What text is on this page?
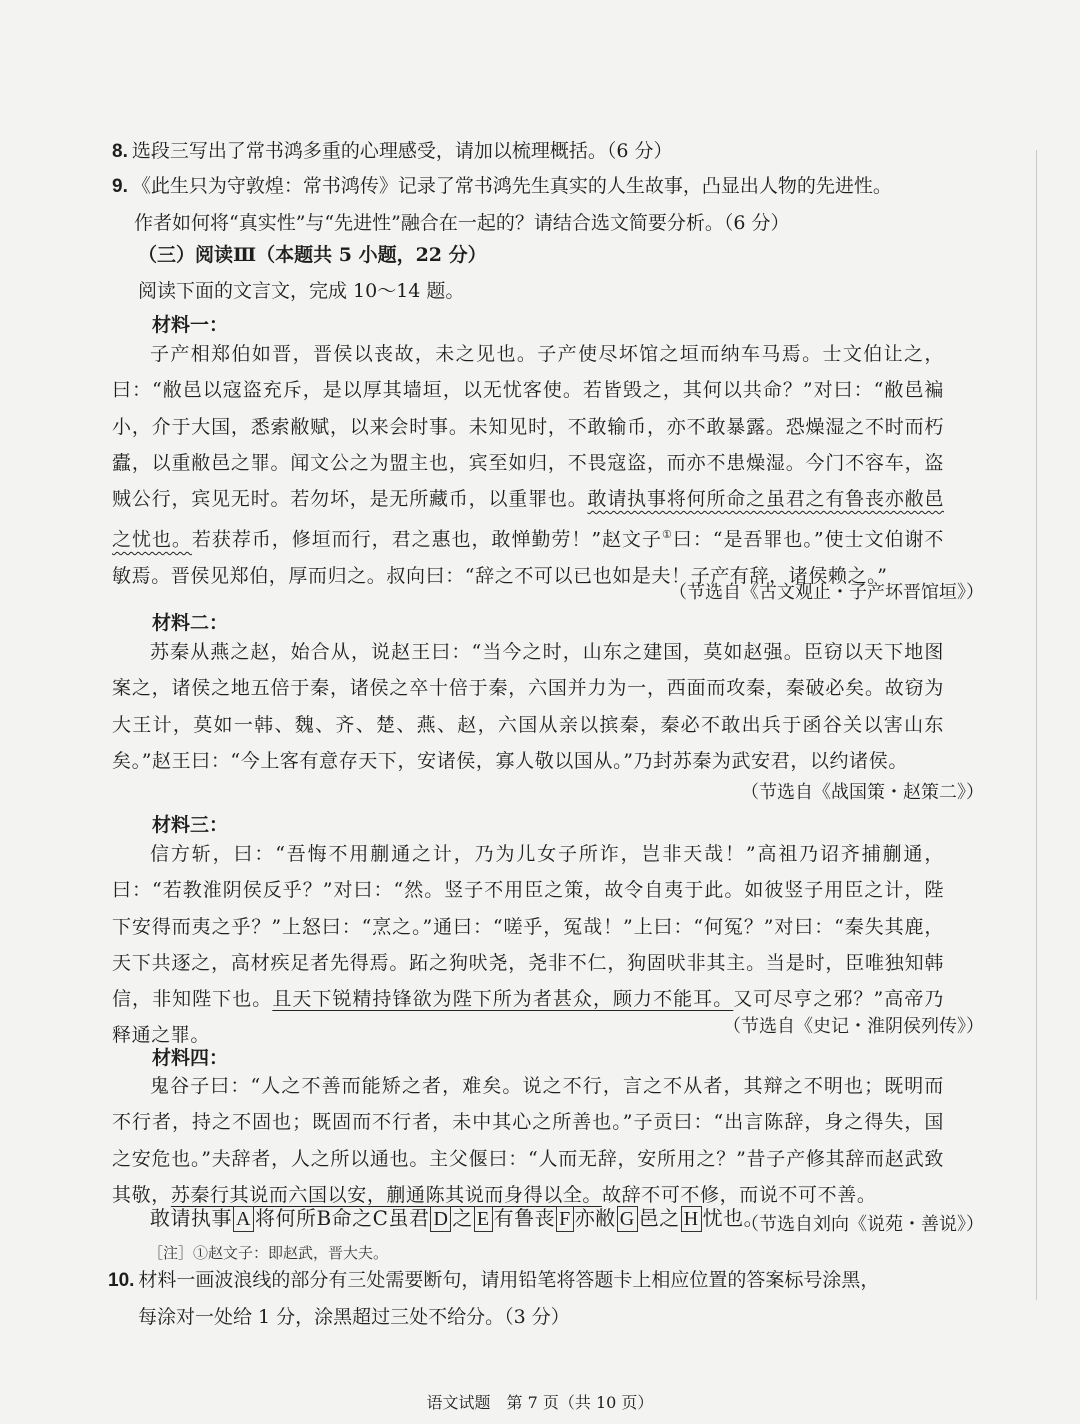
8. 选段三写出了常书鸿多重的心理感受，请加以梳理概括。（6 分）
9. 《此生只为守敦煌：常书鸿传》记录了常书鸿先生真实的人生故事，凸显出人物的先进性。
作者如何将“真实性”与“先进性”融合在一起的？请结合选文简要分析。（6 分）
（三）阅读Ⅲ（本题共 5 小题，22 分）
阅读下面的文言文，完成 10～14 题。
材料一：
子产相郑伯如晋，晋侯以丧故，未之见也。子产使尽坏馆之垣而纳车马焉。士文伯让之，曰：“敝邑以寇盗充斥，是以厚其墙垣，以无忧客使。若皆毁之，其何以共命？”对曰：“敝邑褊小，介于大国，悉索敝赋，以来会时事。未知见时，不敢输币，亦不敢暴露。恐燥湿之不时而朽蠹，以重敝邑之罪。闻文公之为盟主也，宾至如归，不畏寇盗，而亦不患燥湿。今门不容车，盗贼公行，宾见无时。若勿坏，是无所藏币，以重罪也。敢请执事将何所命之虽君之有鲁丧亦敝邑之忧也。若获荐币，修垣而行，君之惠也，敢惮勤劳！”赵文子①曰：“是吾罪也。”使士文伯谢不敏焉。晋侯见郑伯，厚而归之。叔向曰：“辞之不可以已也如是夫！子产有辞，诸侯赖之。”
（节选自《古文观止・子产坏晋馆垣》）
材料二：
苏秦从燕之赵，始合从，说赵王曰：“当今之时，山东之建国，莫如赵强。臣窃以天下地图案之，诸侯之地五倍于秦，诸侯之卒十倍于秦，六国并力为一，西面而攻秦，秦破必矣。故窃为大王计，莫如一韩、魏、齐、楚、燕、赵，六国从亲以摈秦，秦必不敢出兵于函谷关以害山东矣。”赵王曰：“今上客有意存天下，安诸侯，寡人敬以国从。”乃封苏秦为武安君，以约诸侯。
（节选自《战国策・赵策二》）
材料三：
信方斩，曰：“吾悔不用蒯通之计，乃为儿女子所诈，岂非天哉！”高祖乃诏齐捕蒯通，曰：“若教淮阴侯反乎？”对曰：“然。竖子不用臣之策，故令自夷于此。如彼竖子用臣之计，陛下安得而夷之乎？”上怒曰：“烹之。”通曰：“嗟乎，冤哉！”上曰：“何冤？”对曰：“秦失其鹿，天下共逐之，高材疾足者先得焉。跖之狗吠尧，尧非不仁，狗固吠非其主。当是时，臣唯独知韩信，非知陛下也。且天下锐精持锋欲为陛下所为者甚众，顾力不能耳。又可尽亨之邪？”高帝乃释通之罪。	（节选自《史记・淮阴侯列传》）
材料四：
鬼谷子曰：“人之不善而能矫之者，难矣。说之不行，言之不从者，其辩之不明也；既明而不行者，持之不固也；既固而不行者，未中其心之所善也。”子贡曰：“出言陈辞，身之得失，国之安危也。”夫辞者，人之所以通也。主父偃曰：“人而无辞，安所用之？”昔子产修其辞而赵武致其敬，苏秦行其说而六国以安，蒯通陈其说而身得以全。故辞不可不修，而说不可不善。
（节选自刘向《说苑・善说》）
［注］①赵文子：即赵武，晋大夫。
10. 材料一画波浪线的部分有三处需要断句，请用铅笔将答题卡上相应位置的答案标号涂黑，
每涂对一处给 1 分，涂黑超过三处不给分。（3 分）
敢请执事 A 将何所B命之C虽君 D 之 E 有鲁丧 F 亦敝 G 邑之 H 忧也。
语文试题　第 7 页（共 10 页）
